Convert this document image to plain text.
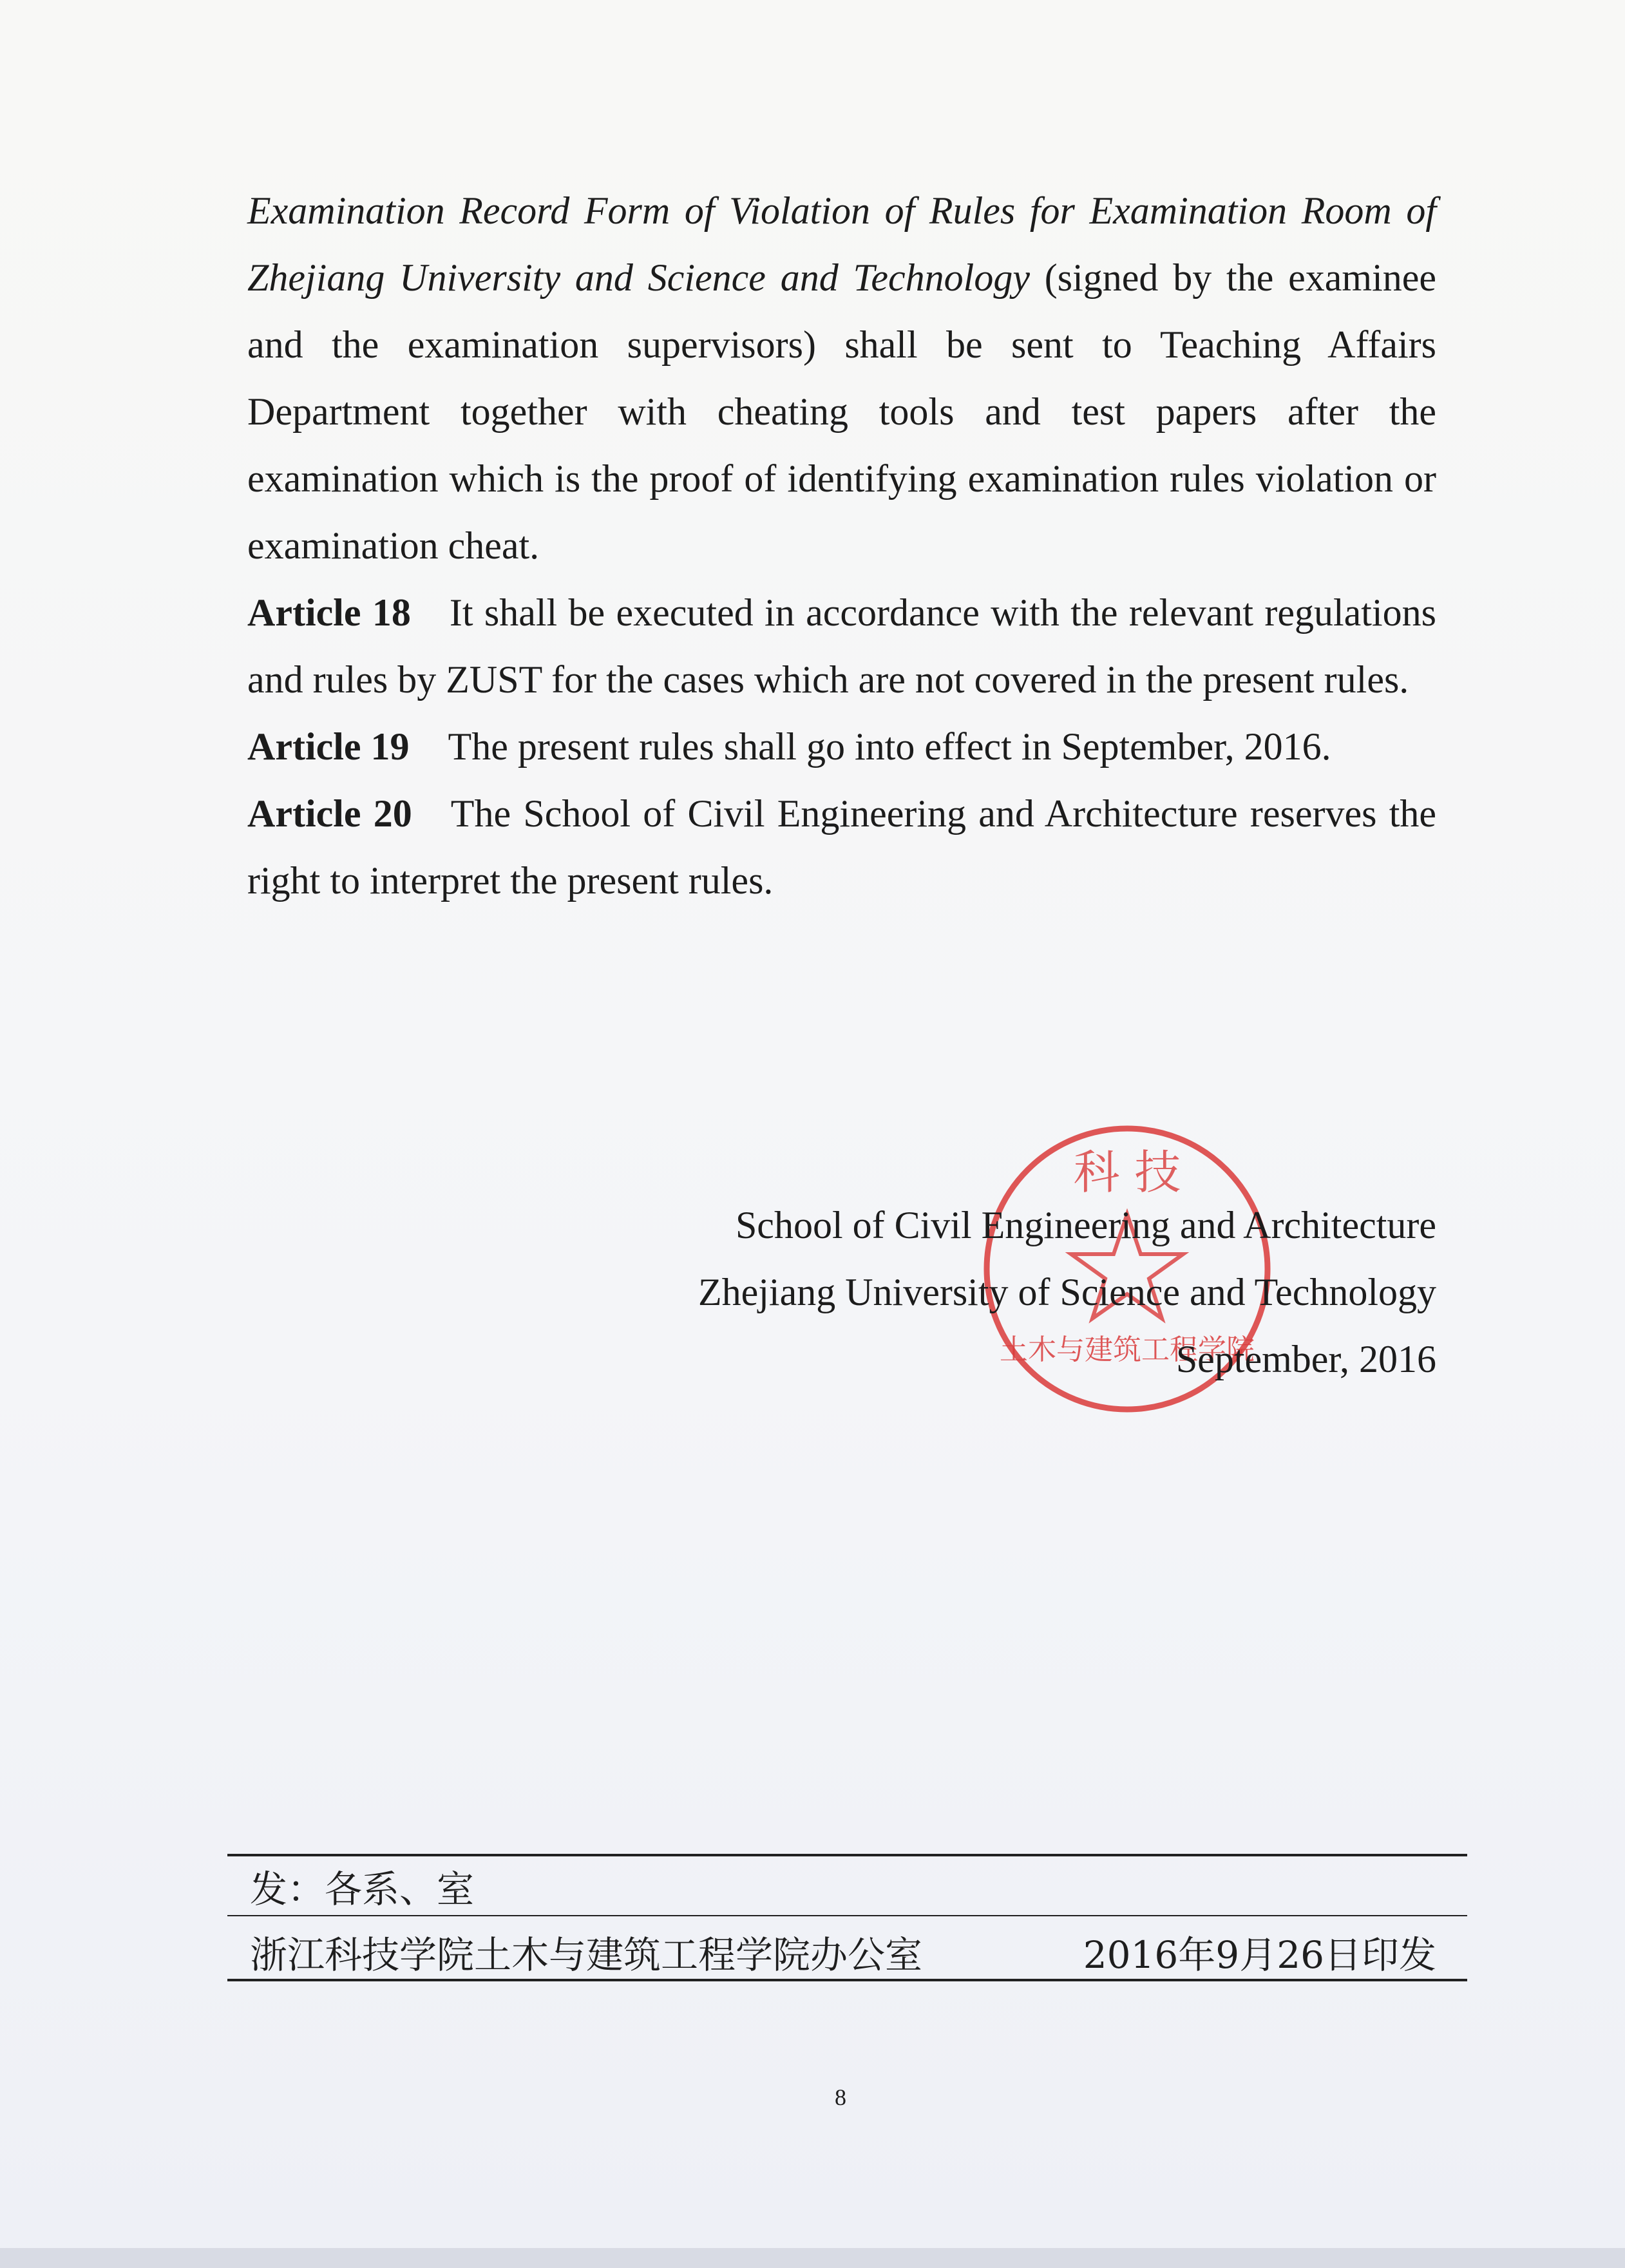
Examination Record Form of Violation of Rules for Examination Room of Zhejiang University and Science and Technology (signed by the examinee and the examination supervisors) shall be sent to Teaching Affairs Department together with cheating tools and test papers after the examination which is the proof of identifying examination rules violation or examination cheat.

Article 18 It shall be executed in accordance with the relevant regulations and rules by ZUST for the cases which are not covered in the present rules.

Article 19 The present rules shall go into effect in September, 2016.

Article 20 The School of Civil Engineering and Architecture reserves the right to interpret the present rules.

科 技
土木与建筑工程学院
School of Civil Engineering and Architecture
Zhejiang University of Science and Technology
September, 2016
发：各系、室
浙江科技学院土木与建筑工程学院办公室	2016年9月26日印发
8
